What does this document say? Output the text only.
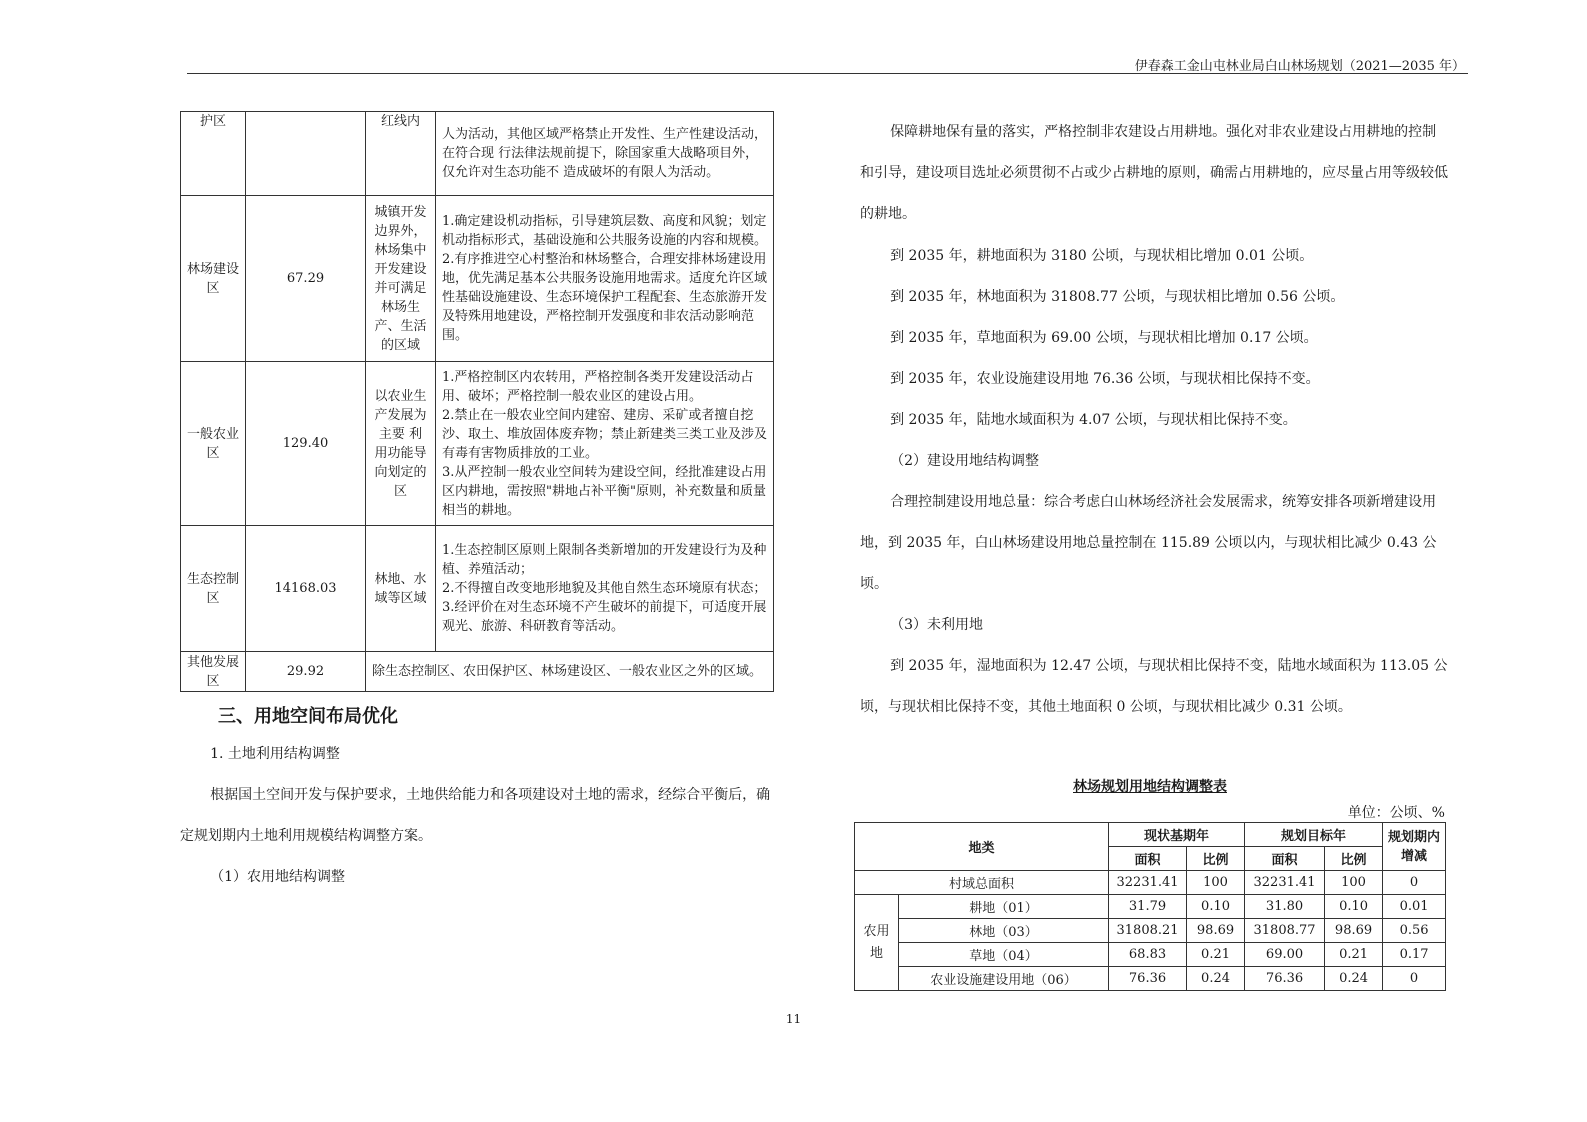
伊春森工金山屯林业局白山林场规划（2021—2035 年）
护区		红线内	人为活动，其他区域严格禁止开发性、生产性建设活动，在符合现 行法律法规前提下，除国家重大战略项目外，仅允许对生态功能不 造成破坏的有限人为活动。
林场建设区	67.29	城镇开发边界外，林场集中开发建设并可满足林场生产、生活的区域	1.确定建设机动指标，引导建筑层数、高度和风貌；划定机动指标形式，基础设施和公共服务设施的内容和规模。
2.有序推进空心村整治和林场整合，合理安排林场建设用地，优先满足基本公共服务设施用地需求。适度允许区域性基础设施建设、生态环境保护工程配套、生态旅游开发及特殊用地建设，严格控制开发强度和非农活动影响范围。

一般农业区	129.40	以农业生产发展为主要 利用功能导向划定的区	1.严格控制区内农转用，严格控制各类开发建设活动占用、破坏；严格控制一般农业区的建设占用。
2.禁止在一般农业空间内建窑、建房、采矿或者擅自挖沙、取土、堆放固体废弃物；禁止新建类三类工业及涉及有毒有害物质排放的工业。
3.从严控制一般农业空间转为建设空间，经批准建设占用区内耕地，需按照"耕地占补平衡"原则，补充数量和质量相当的耕地。

生态控制区	14168.03	林地、水域等区域	1.生态控制区原则上限制各类新增加的开发建设行为及种植、养殖活动；
2.不得擅自改变地形地貌及其他自然生态环境原有状态；
3.经评价在对生态环境不产生破坏的前提下，可适度开展观光、旅游、科研教育等活动。

其他发展区	29.92	除生态控制区、农田保护区、林场建设区、一般农业区之外的区域。	
三、用地空间布局优化
1. 土地利用结构调整
根据国土空间开发与保护要求，土地供给能力和各项建设对土地的需求，经综合平衡后，确定规划期内土地利用规模结构调整方案。
（1）农用地结构调整
保障耕地保有量的落实，严格控制非农建设占用耕地。强化对非农业建设占用耕地的控制和引导，建设项目选址必须贯彻不占或少占耕地的原则，确需占用耕地的，应尽量占用等级较低的耕地。
到 2035 年，耕地面积为 3180 公顷，与现状相比增加 0.01 公顷。
到 2035 年，林地面积为 31808.77 公顷，与现状相比增加 0.56 公顷。
到 2035 年，草地面积为 69.00 公顷，与现状相比增加 0.17 公顷。
到 2035 年，农业设施建设用地 76.36 公顷，与现状相比保持不变。
到 2035 年，陆地水域面积为 4.07 公顷，与现状相比保持不变。
（2）建设用地结构调整
合理控制建设用地总量：综合考虑白山林场经济社会发展需求，统筹安排各项新增建设用地，到 2035 年，白山林场建设用地总量控制在 115.89 公顷以内，与现状相比减少 0.43 公顷。
（3）未利用地
到 2035 年，湿地面积为 12.47 公顷，与现状相比保持不变，陆地水域面积为 113.05 公顷，与现状相比保持不变，其他土地面积 0 公顷，与现状相比减少 0.31 公顷。
林场规划用地结构调整表
单位：公顷、%
地类		现状基期年		规划目标年		规划期内增减
		面积	比例	面积	比例	
村域总面积		32231.41	100	32231.41	100	0
农用地	耕地（01）	31.79	0.10	31.80	0.10	0.01
	林地（03）	31808.21	98.69	31808.77	98.69	0.56
	草地（04）	68.83	0.21	69.00	0.21	0.17
	农业设施建设用地（06）	76.36	0.24	76.36	0.24	0
11
